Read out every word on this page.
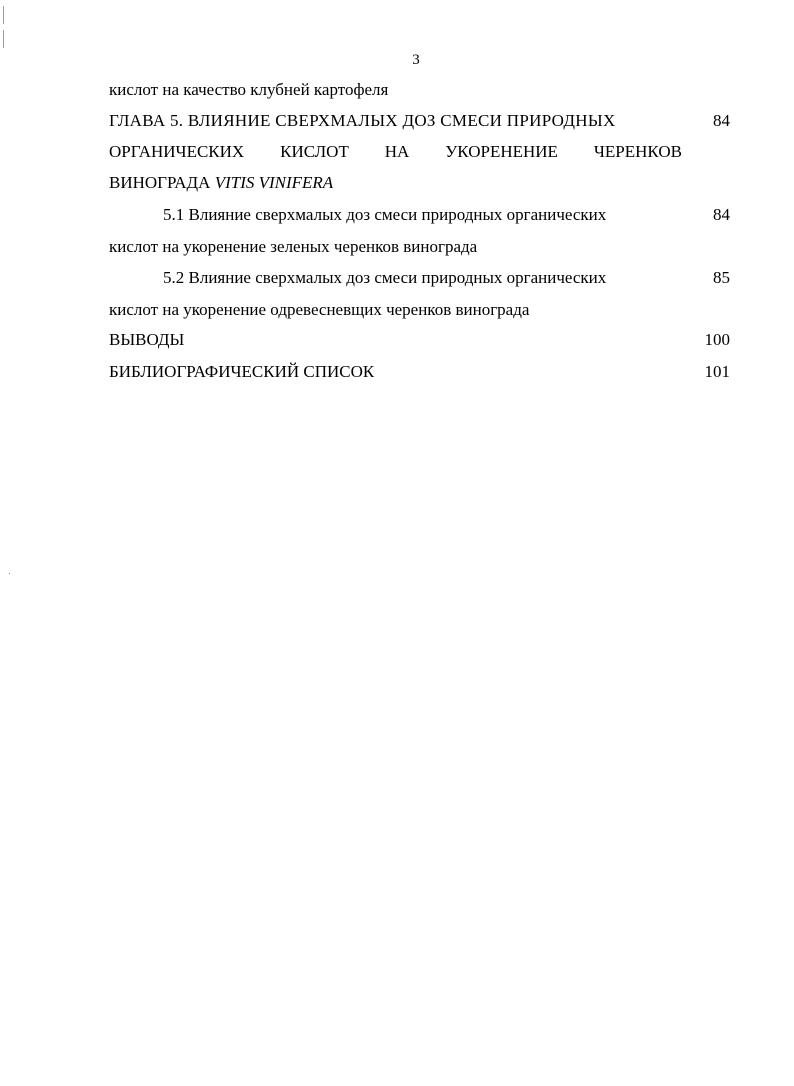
3
кислот на качество клубней картофеля
ГЛАВА 5. ВЛИЯНИЕ СВЕРХМАЛЫХ ДОЗ СМЕСИ ПРИРОДНЫХ	84
ОРГАНИЧЕСКИХ КИСЛОТ НА УКОРЕНЕНИЕ ЧЕРЕНКОВ
ВИНОГРАДА VITIS VINIFERA
5.1 Влияние сверхмалых доз смеси природных органических	84
кислот на укоренение зеленых черенков винограда
5.2 Влияние сверхмалых доз смеси природных органических	85
кислот на укоренение одревесневщих черенков винограда
ВЫВОДЫ	100
БИБЛИОГРАФИЧЕСКИЙ СПИСОК	101
